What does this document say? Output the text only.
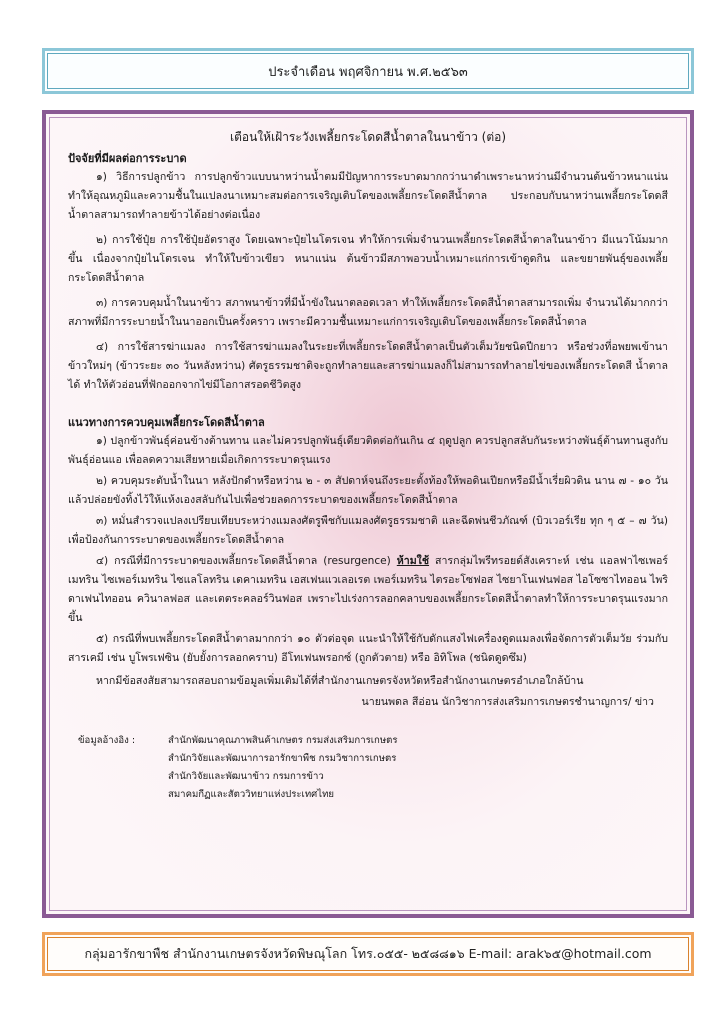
ประจำเดือน พฤศจิกายน พ.ศ.๒๕๖๓
เตือนให้เฝ้าระวังเพลี้ยกระโดดสีน้ำตาลในนาข้าว (ต่อ)
ปัจจัยที่มีผลต่อการระบาด

๑) วิธีการปลูกข้าว การปลูกข้าวแบบนาหว่านน้ำตมมีปัญหาการระบาดมากกว่านาดำเพราะนาหว่านมีจำนวนต้นข้าวหนาแน่นทำให้อุณหภูมิและความชื้นในแปลงนาเหมาะสมต่อการเจริญเติบโตของเพลี้ยกระโดดสีน้ำตาล ประกอบกับนาหว่านเพลี้ยกระโดดสีน้ำตาลสามารถทำลายข้าวได้อย่างต่อเนื่อง

๒) การใช้ปุ๋ย การใช้ปุ๋ยอัตราสูง โดยเฉพาะปุ๋ยไนโตรเจน ทำให้การเพิ่มจำนวนเพลี้ยกระโดดสีน้ำตาลในนาข้าว มีแนวโน้มมากขึ้น เนื่องจากปุ๋ยไนโตรเจน ทำให้ใบข้าวเขียว หนาแน่น ต้นข้าวมีสภาพอวบน้ำเหมาะแก่การเข้าดูดกิน และขยายพันธุ์ของเพลี้ยกระโดดสีน้ำตาล

๓) การควบคุมน้ำในนาข้าว สภาพนาข้าวที่มีน้ำขังในนาตลอดเวลา ทำให้เพลี้ยกระโดดสีน้ำตาลสามารถเพิ่ม จำนวนได้มากกว่าสภาพที่มีการระบายน้ำในนาออกเป็นครั้งคราว เพราะมีความชื้นเหมาะแก่การเจริญเติบโตของเพลี้ยกระโดดสีน้ำตาล

๔) การใช้สารฆ่าแมลง การใช้สารฆ่าแมลงในระยะที่เพลี้ยกระโดดสีน้ำตาลเป็นตัวเต็มวัยชนิดปีกยาว หรือช่วงที่อพยพเข้านาข้าวใหม่ๆ (ข้าวระยะ ๓๐ วันหลังหว่าน) ศัตรูธรรมชาติจะถูกทำลายและสารฆ่าแมลงก็ไม่สามารถทำลายไข่ของเพลี้ยกระโดดสี น้ำตาลได้ ทำให้ตัวอ่อนที่ฟักออกจากไข่มีโอกาสรอดชีวิตสูง

แนวทางการควบคุมเพลี้ยกระโดดสีน้ำตาล

๑) ปลูกข้าวพันธุ์ค่อนข้างต้านทาน และไม่ควรปลูกพันธุ์เดียวติดต่อกันเกิน ๔ ฤดูปลูก ควรปลูกสลับกันระหว่างพันธุ์ต้านทานสูงกับพันธุ์อ่อนแอ เพื่อลดความเสียหายเมื่อเกิดการระบาดรุนแรง

๒) ควบคุมระดับน้ำในนา หลังปักดำหรือหว่าน ๒ - ๓ สัปดาห์จนถึงระยะตั้งท้องให้พอดินเปียกหรือมีน้ำเรี่ยผิวดิน นาน ๗ - ๑๐ วัน แล้วปล่อยขังทิ้งไว้ให้แห้งเองสลับกันไปเพื่อช่วยลดการระบาดของเพลี้ยกระโดดสีน้ำตาล

๓) หมั่นสำรวจแปลงเปรียบเทียบระหว่างแมลงศัตรูพืชกับแมลงศัตรูธรรมชาติ และฉีดพ่นชีวภัณฑ์ (บิวเวอร์เรีย ทุก ๆ ๕ – ๗ วัน) เพื่อป้องกันการระบาดของเพลี้ยกระโดดสีน้ำตาล

๔) กรณีที่มีการระบาดของเพลี้ยกระโดดสีน้ำตาล (resurgence) ห้ามใช้ สารกลุ่มไพรีทรอยด์สังเคราะห์ เช่น แอลฟาไซเพอร์เมทริน ไซเพอร์เมทริน ไซแลโลทริน เดคาเมทริน เอสเฟนแวเลอเรต เพอร์เมทริน ไตรอะโซฟอส ไซยาโนเฟนฟอส ไอโซซาไทออน ไพริดาเฟนไทออน ควินาลฟอส และเตตระคลอร์วินฟอส เพราะไปเร่งการลอกคลาบของเพลี้ยกระโดดสีน้ำตาลทำให้การระบาดรุนแรงมากขึ้น

๕) กรณีที่พบเพลี้ยกระโดดสีน้ำตาลมากกว่า ๑๐ ตัวต่อจุด แนะนำให้ใช้กับดักแสงไฟเครื่องดูดแมลงเพื่อจัดการตัวเต็มวัย ร่วมกับสารเคมี เช่น บูโพรเฟซิน (ยับยั้งการลอกคราบ) อีโทเฟนพรอกซ์ (ถูกตัวตาย) หรือ อิทิโพล (ชนิดดูดซึม)

หากมีข้อสงสัยสามารถสอบถามข้อมูลเพิ่มเติมได้ที่สำนักงานเกษตรจังหวัดหรือสำนักงานเกษตรอำเภอใกล้บ้าน

นายนพดล สีอ่อน นักวิชาการส่งเสริมการเกษตรชำนาญการ/ ข่าว
ข้อมูลอ้างอิง :	สำนักพัฒนาคุณภาพสินค้าเกษตร กรมส่งเสริมการเกษตร
สำนักวิจัยและพัฒนาการอารักขาพืช กรมวิชาการเกษตร
สำนักวิจัยและพัฒนาข้าว กรมการข้าว
สมาคมกีฏและสัตววิทยาแห่งประเทศไทย
กลุ่มอารักขาพืช สำนักงานเกษตรจังหวัดพิษณุโลก โทร.๐๕๕- ๒๕๘๘๑๖ E-mail: arak๖๕@hotmail.com
